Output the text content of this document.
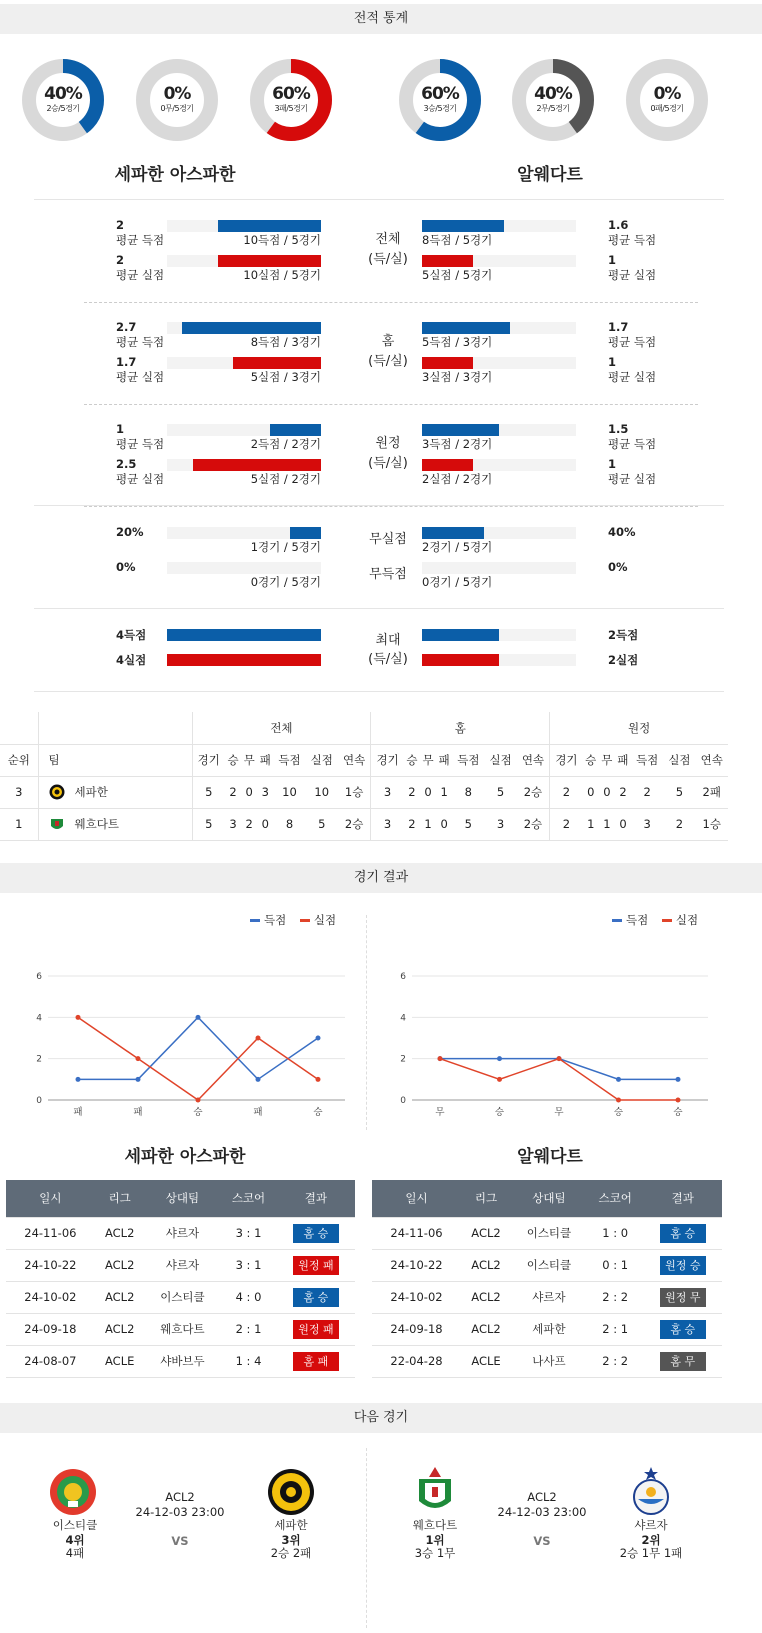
전적 통계
40%
2승/5경기
0%
0무/5경기
60%
3패/5경기
60%
3승/5경기
40%
2무/5경기
0%
0패/5경기
세파한 아스파한	알웨다트
2	1.6
평균 득점	평균 득점
10득점 / 5경기	8득점 / 5경기
2	1
평균 실점	평균 실점
10실점 / 5경기	5실점 / 5경기
전체
(득/실)
2.7	1.7
평균 득점	평균 득점
8득점 / 3경기	5득점 / 3경기
1.7	1
평균 실점	평균 실점
5실점 / 3경기	3실점 / 3경기
홈
(득/실)
1	1.5
평균 득점	평균 득점
2득점 / 2경기	3득점 / 2경기
2.5	1
평균 실점	평균 실점
5실점 / 2경기	2실점 / 2경기
원정
(득/실)
20%	40%
1경기 / 5경기	2경기 / 5경기
무실점
0%	0%
0경기 / 5경기	0경기 / 5경기
무득점
4득점	2득점
4실점	2실점
최대
(득/실)
		전체							홈							원정						
순위	팀	경기	승	무	패	득점	실점	연속	경기	승	무	패	득점	실점	연속	경기	승	무	패	득점	실점	연속
3	세파한	5	2	0	3	10	10	1승	3	2	0	1	8	5	2승	2	0	0	2	2	5	2패
1	웨흐다트	5	3	2	0	8	5	2승	3	2	1	0	5	3	2승	2	1	1	0	3	2	1승
경기 결과
득점 실점	득점 실점
0
2
4
6
패	패	승	패	승
0
2
4
6
무	승	무	승	승
세파한 아스파한	알웨다트
일시	리그	상대팀	스코어	결과
24-11-06	ACL2	샤르자	3 : 1	홈 승
24-10-22	ACL2	샤르자	3 : 1	원정 패
24-10-02	ACL2	이스티클	4 : 0	홈 승
24-09-18	ACL2	웨흐다트	2 : 1	원정 패
24-08-07	ACLE	샤바브두	1 : 4	홈 패
일시	리그	상대팀	스코어	결과
24-11-06	ACL2	이스티클	1 : 0	홈 승
24-10-22	ACL2	이스티클	0 : 1	원정 승
24-10-02	ACL2	샤르자	2 : 2	원정 무
24-09-18	ACL2	세파한	2 : 1	홈 승
22-04-28	ACLE	나사프	2 : 2	홈 무
다음 경기
이스티클
4위
4패
ACL2
24-12-03 23:00
VS
세파한
3위
2승 2패
웨흐다트
1위
3승 1무
ACL2
24-12-03 23:00
VS
샤르자
2위
2승 1무 1패
